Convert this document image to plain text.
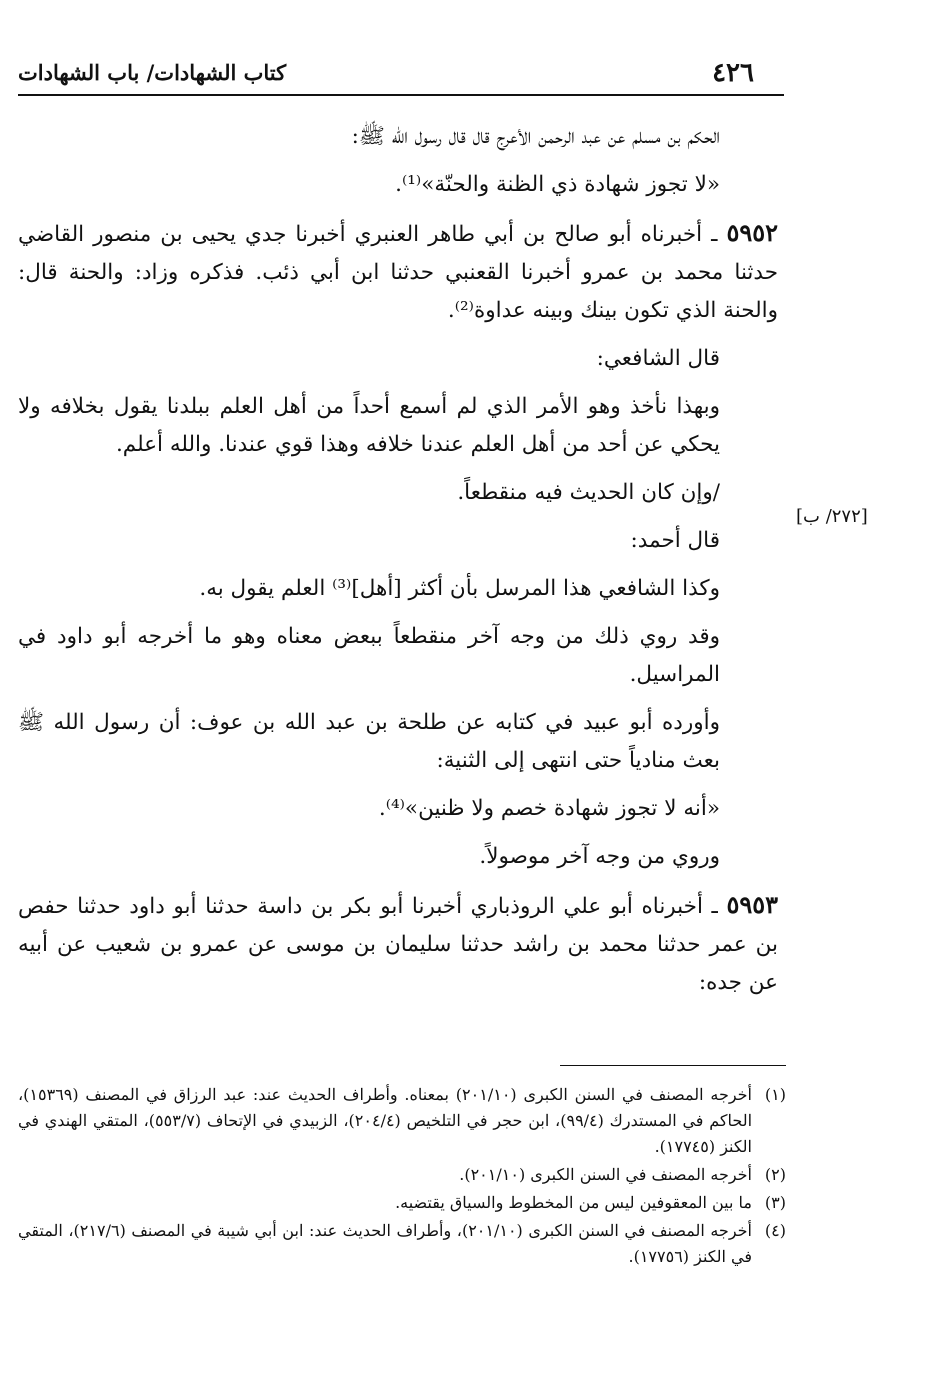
٤٢٦
كتاب الشهادات/ باب الشهادات
[٢٧٢/ ب]

الحكم بن مسلم عن عبد الرحمن الأعرج قال قال رسول الله ﷺ:

«لا تجوز شهادة ذي الظنة والحنّة»⁽¹⁾.

٥٩٥٢ ـ أخبرناه أبو صالح بن أبي طاهر العنبري أخبرنا جدي يحيى بن منصور القاضي حدثنا محمد بن عمرو أخبرنا القعنبي حدثنا ابن أبي ذئب. فذكره وزاد: والحنة قال: والحنة الذي تكون بينك وبينه عداوة⁽²⁾.

قال الشافعي:

وبهذا نأخذ وهو الأمر الذي لم أسمع أحداً من أهل العلم ببلدنا يقول بخلافه ولا يحكي عن أحد من أهل العلم عندنا خلافه وهذا قوي عندنا. والله أعلم.

/وإن كان الحديث فيه منقطعاً.

قال أحمد:

وكذا الشافعي هذا المرسل بأن أكثر [أهل]⁽³⁾ العلم يقول به.

وقد روي ذلك من وجه آخر منقطعاً ببعض معناه وهو ما أخرجه أبو داود في المراسيل.

وأورده أبو عبيد في كتابه عن طلحة بن عبد الله بن عوف: أن رسول الله ﷺ بعث منادياً حتى انتهى إلى الثنية:

«أنه لا تجوز شهادة خصم ولا ظنين»⁽⁴⁾.

وروي من وجه آخر موصولاً.

٥٩٥٣ ـ أخبرناه أبو علي الروذباري أخبرنا أبو بكر بن داسة حدثنا أبو داود حدثنا حفص بن عمر حدثنا محمد بن راشد حدثنا سليمان بن موسى عن عمرو بن شعيب عن أبيه عن جده:

(١)
أخرجه المصنف في السنن الكبرى (٢٠١/١٠) بمعناه. وأطراف الحديث عند: عبد الرزاق في المصنف (١٥٣٦٩)، الحاكم في المستدرك (٩٩/٤)، ابن حجر في التلخيص (٢٠٤/٤)، الزبيدي في الإتحاف (٥٥٣/٧)، المتقي الهندي في الكنز (١٧٧٤٥).
(٢)
أخرجه المصنف في السنن الكبرى (٢٠١/١٠).
(٣)
ما بين المعقوفين ليس من المخطوط والسياق يقتضيه.
(٤)
أخرجه المصنف في السنن الكبرى (٢٠١/١٠)، وأطراف الحديث عند: ابن أبي شيبة في المصنف (٢١٧/٦)، المتقي في الكنز (١٧٧٥٦).
